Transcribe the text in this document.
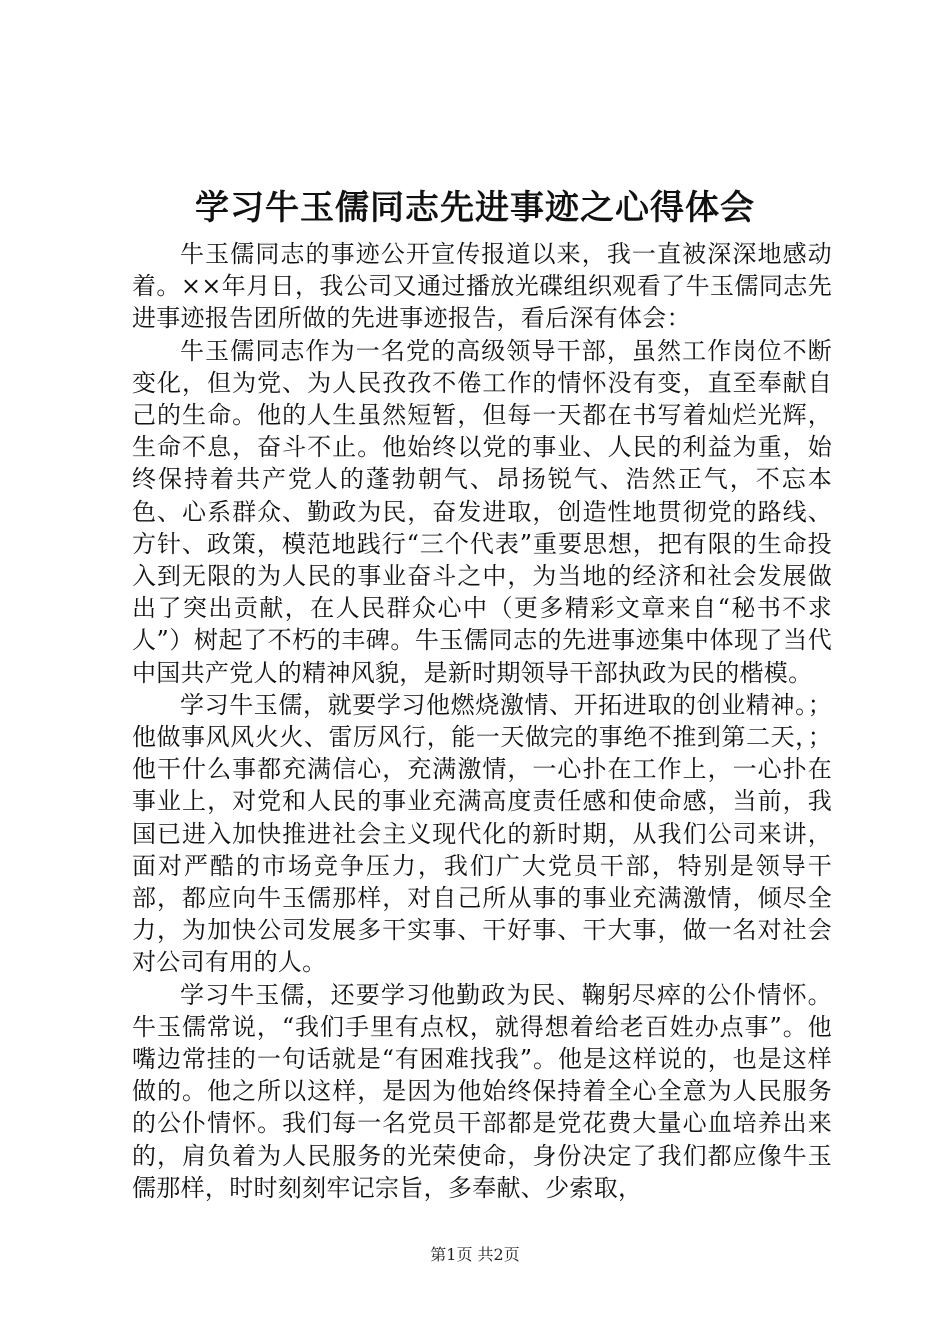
学习牛玉儒同志先进事迹之心得体会

牛玉儒同志的事迹公开宣传报道以来，我一直被深深地感动着。××年月日，我公司又通过播放光碟组织观看了牛玉儒同志先进事迹报告团所做的先进事迹报告，看后深有体会：

牛玉儒同志作为一名党的高级领导干部，虽然工作岗位不断变化，但为党、为人民孜孜不倦工作的情怀没有变，直至奉献自己的生命。他的人生虽然短暂，但每一天都在书写着灿烂光辉，生命不息，奋斗不止。他始终以党的事业、人民的利益为重，始终保持着共产党人的蓬勃朝气、昂扬锐气、浩然正气，不忘本色、心系群众、勤政为民，奋发进取，创造性地贯彻党的路线、方针、政策，模范地践行“三个代表”重要思想，把有限的生命投入到无限的为人民的事业奋斗之中，为当地的经济和社会发展做出了突出贡献，在人民群众心中（更多精彩文章来自“秘书不求人”）树起了不朽的丰碑。牛玉儒同志的先进事迹集中体现了当代中国共产党人的精神风貌，是新时期领导干部执政为民的楷模。

学习牛玉儒，就要学习他燃烧激情、开拓进取的创业精神。；他做事风风火火、雷厉风行，能一天做完的事绝不推到第二天，；他干什么事都充满信心，充满激情，一心扑在工作上，一心扑在事业上，对党和人民的事业充满高度责任感和使命感，当前，我国已进入加快推进社会主义现代化的新时期，从我们公司来讲，面对严酷的市场竞争压力，我们广大党员干部，特别是领导干部，都应向牛玉儒那样，对自己所从事的事业充满激情，倾尽全力，为加快公司发展多干实事、干好事、干大事，做一名对社会对公司有用的人。

学习牛玉儒，还要学习他勤政为民、鞠躬尽瘁的公仆情怀。牛玉儒常说，“我们手里有点权，就得想着给老百姓办点事”。他嘴边常挂的一句话就是“有困难找我”。他是这样说的，也是这样做的。他之所以这样，是因为他始终保持着全心全意为人民服务的公仆情怀。我们每一名党员干部都是党花费大量心血培养出来的，肩负着为人民服务的光荣使命，身份决定了我们都应像牛玉儒那样，时时刻刻牢记宗旨，多奉献、少索取，

第1页 共2页
